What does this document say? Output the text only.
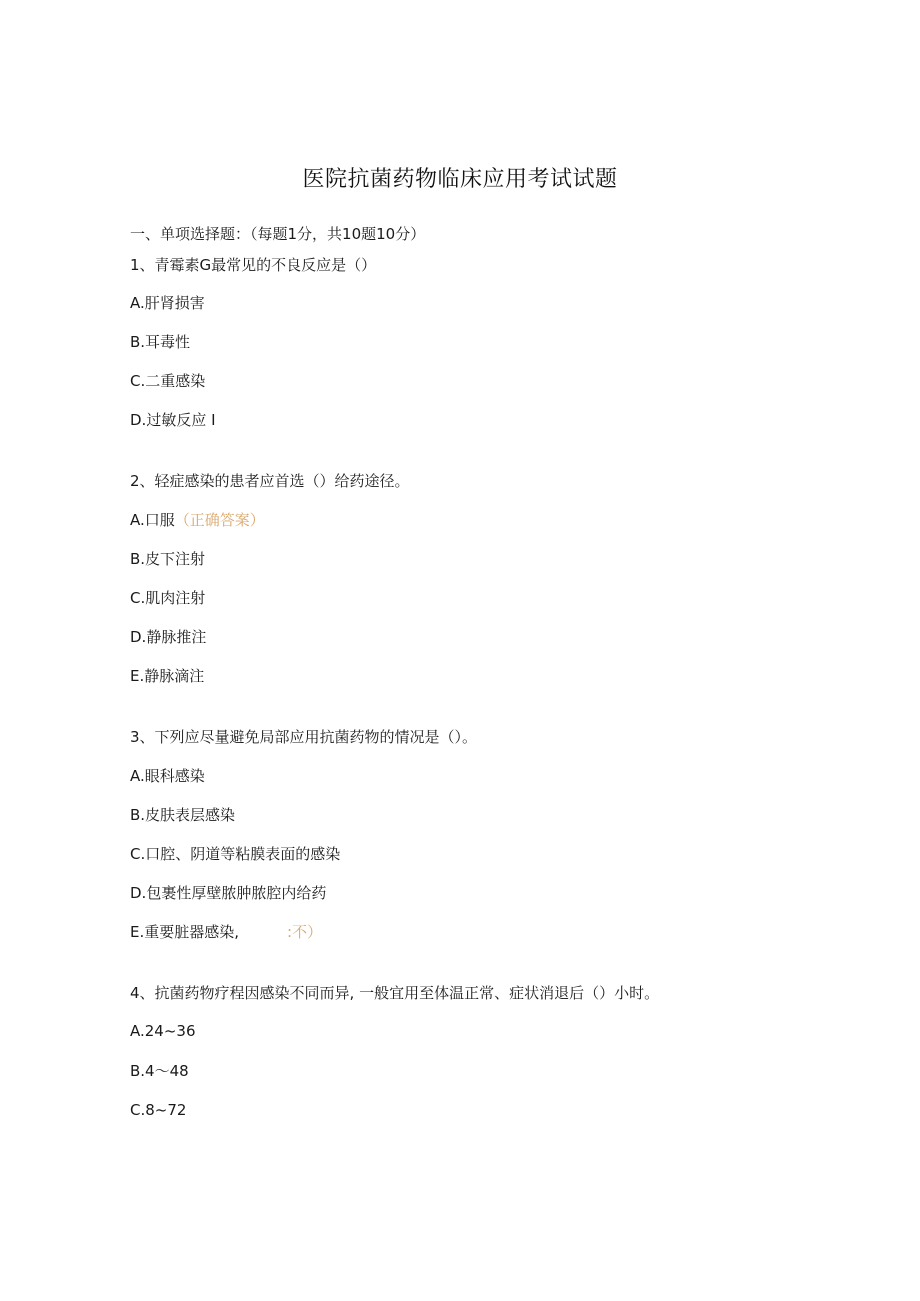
医院抗菌药物临床应用考试试题
一、单项选择题：（每题1分，共10题10分）
1、青霉素G最常见的不良反应是（）
A.肝肾损害
B.耳毒性
C.二重感染
D.过敏反应 I
2、轻症感染的患者应首选（）给药途径。
A.口服（正确答案）
B.皮下注射
C.肌肉注射
D.静脉推注
E.静脉滴注
3、下列应尽量避免局部应用抗菌药物的情况是（）。
A.眼科感染
B.皮肤表层感染
C.口腔、阴道等粘膜表面的感染
D.包裹性厚壁脓肿脓腔内给药
E.重要脏器感染,	:不）
4、抗菌药物疗程因感染不同而异, 一般宜用至体温正常、症状消退后（）小时。
A.24~36
B.4～48
C.8~72
